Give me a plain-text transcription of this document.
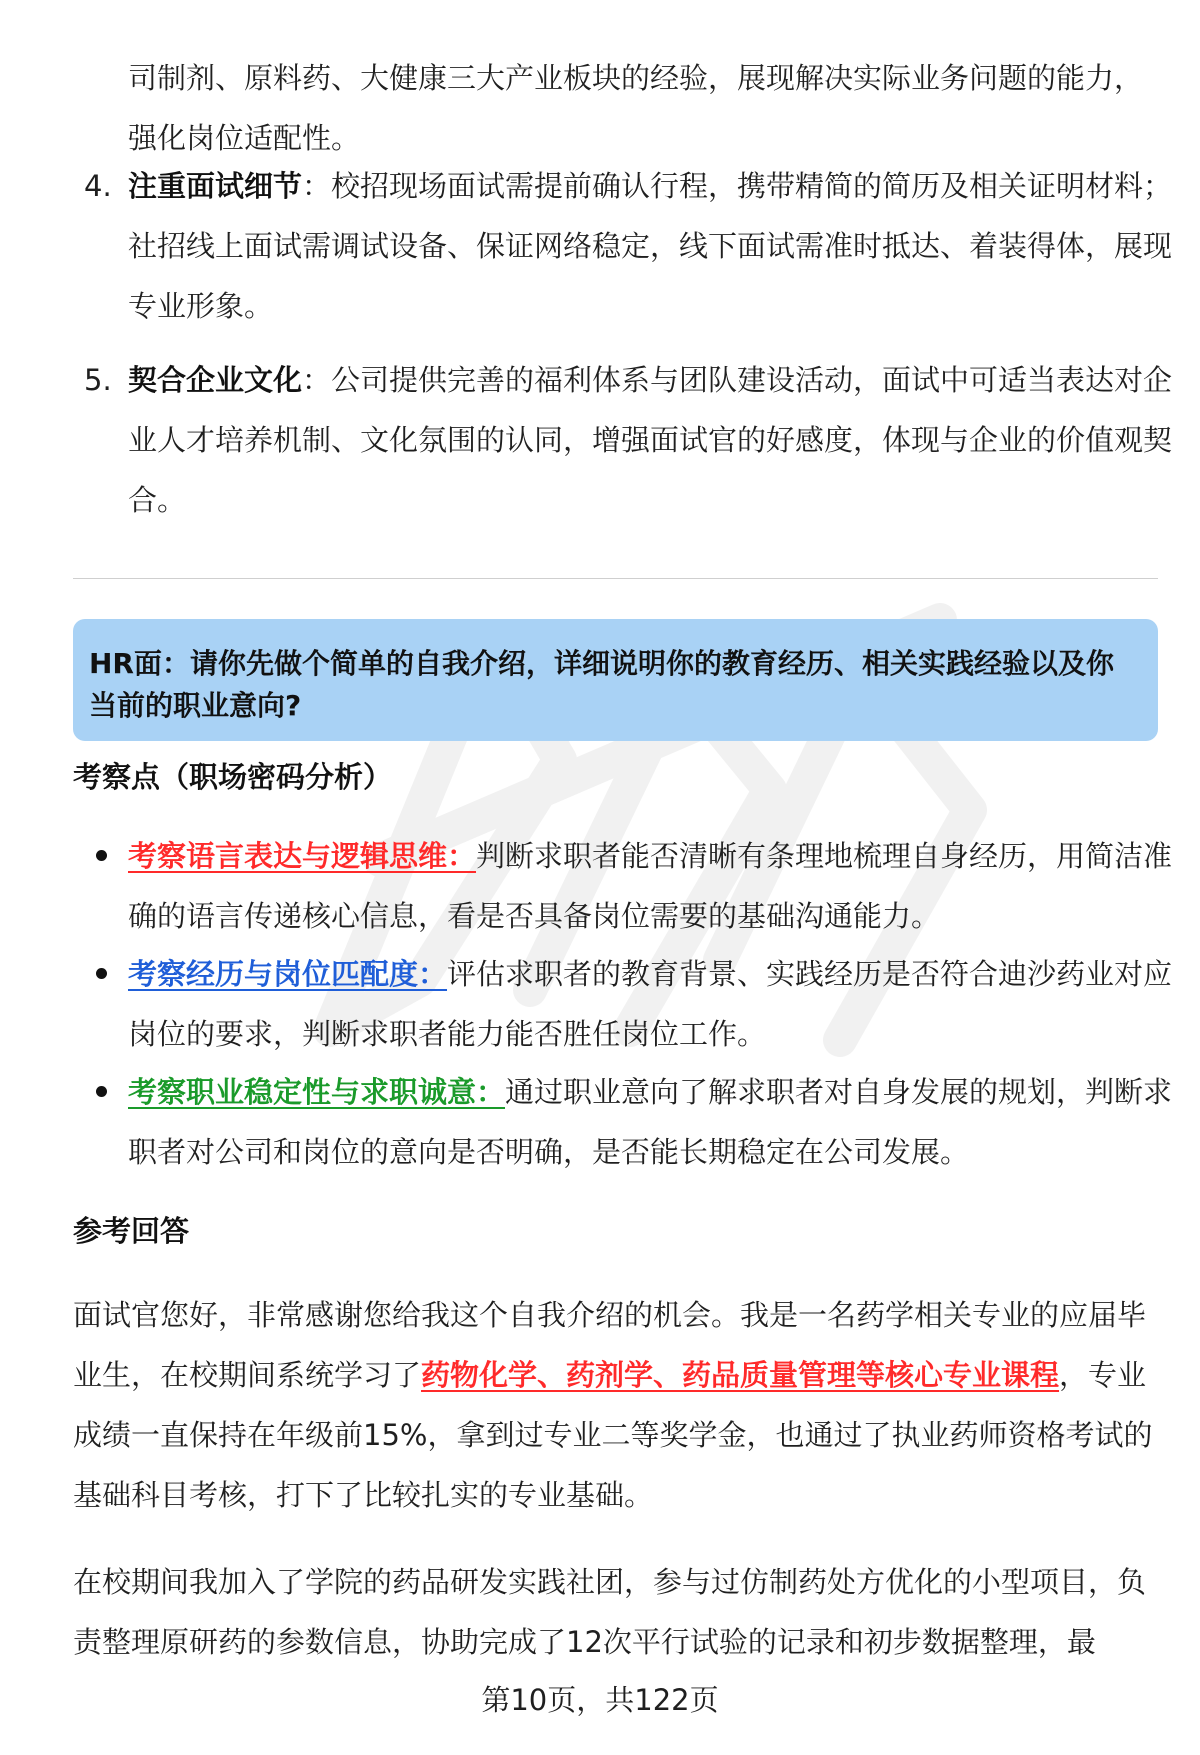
司制剂、原料药、大健康三大产业板块的经验，展现解决实际业务问题的能力，强化岗位适配性。

4. 注重面试细节：校招现场面试需提前确认行程，携带精简的简历及相关证明材料；社招线上面试需调试设备、保证网络稳定，线下面试需准时抵达、着装得体，展现专业形象。
5. 契合企业文化：公司提供完善的福利体系与团队建设活动，面试中可适当表达对企业人才培养机制、文化氛围的认同，增强面试官的好感度，体现与企业的价值观契合。
HR面：请你先做个简单的自我介绍，详细说明你的教育经历、相关实践经验以及你当前的职业意向?
考察点（职场密码分析）
考察语言表达与逻辑思维：判断求职者能否清晰有条理地梳理自身经历，用简洁准确的语言传递核心信息，看是否具备岗位需要的基础沟通能力。
考察经历与岗位匹配度：评估求职者的教育背景、实践经历是否符合迪沙药业对应岗位的要求，判断求职者能力能否胜任岗位工作。
考察职业稳定性与求职诚意：通过职业意向了解求职者对自身发展的规划，判断求职者对公司和岗位的意向是否明确，是否能长期稳定在公司发展。
参考回答
面试官您好，非常感谢您给我这个自我介绍的机会。我是一名药学相关专业的应届毕业生，在校期间系统学习了药物化学、药剂学、药品质量管理等核心专业课程，专业成绩一直保持在年级前15%，拿到过专业二等奖学金，也通过了执业药师资格考试的基础科目考核，打下了比较扎实的专业基础。
在校期间我加入了学院的药品研发实践社团，参与过仿制药处方优化的小型项目，负责整理原研药的参数信息，协助完成了12次平行试验的记录和初步数据整理，最
第10页，共122页
